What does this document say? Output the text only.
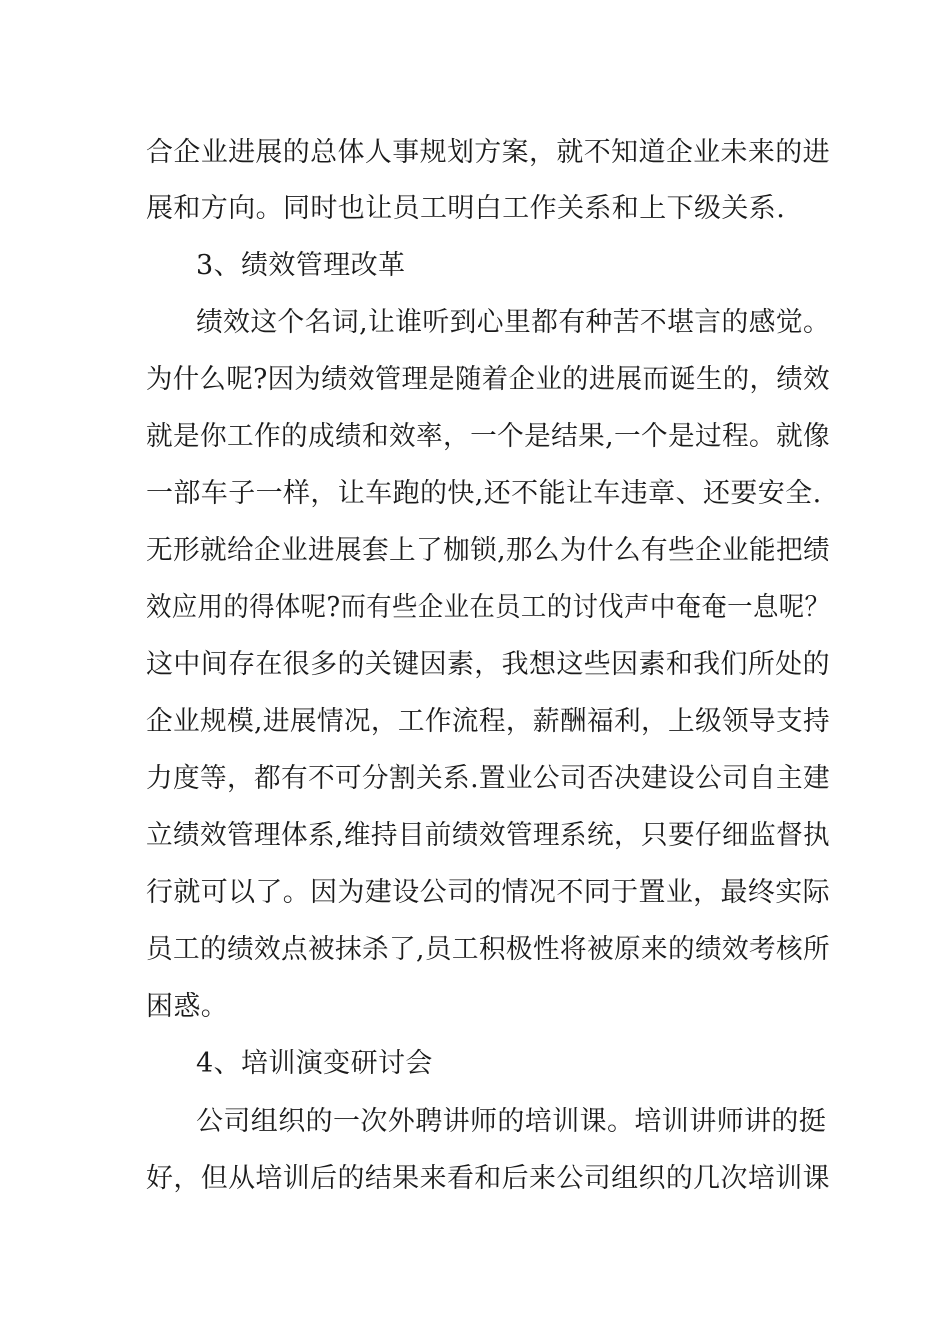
合企业进展的总体人事规划方案，就不知道企业未来的进
展和方向。同时也让员工明白工作关系和上下级关系.
3、绩效管理改革
绩效这个名词,让谁听到心里都有种苦不堪言的感觉。
为什么呢?因为绩效管理是随着企业的进展而诞生的，绩效
就是你工作的成绩和效率，一个是结果,一个是过程。就像
一部车子一样，让车跑的快,还不能让车违章、还要安全.
无形就给企业进展套上了枷锁,那么为什么有些企业能把绩
效应用的得体呢?而有些企业在员工的讨伐声中奄奄一息呢？
这中间存在很多的关键因素，我想这些因素和我们所处的
企业规模,进展情况，工作流程，薪酬福利，上级领导支持
力度等，都有不可分割关系.置业公司否决建设公司自主建
立绩效管理体系,维持目前绩效管理系统，只要仔细监督执
行就可以了。因为建设公司的情况不同于置业，最终实际
员工的绩效点被抹杀了,员工积极性将被原来的绩效考核所
困惑。
4、培训演变研讨会
公司组织的一次外聘讲师的培训课。培训讲师讲的挺
好，但从培训后的结果来看和后来公司组织的几次培训课
